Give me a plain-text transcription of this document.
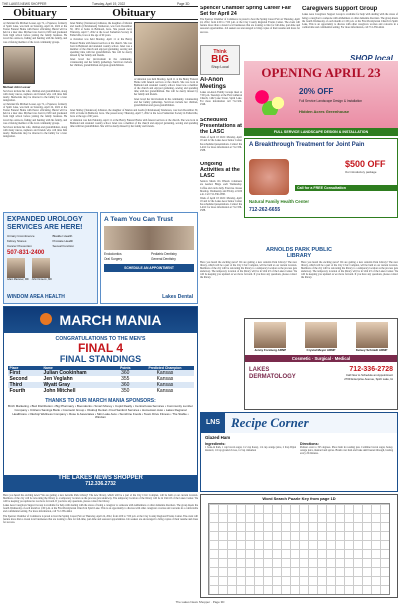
THE LAKES NEWS SHOPPER	Tuesday, April 19, 2022	Page 3D
Obituary

A Christian life Michael Lesser, age 72, of Spencer, formerly of Spirit Lake, was held on Saturday, April 22, 2022 at the Turner Funeral Home with Pastor officiating. Burial will be held at a later date. Michael was born in 1950 and graduated from high school before joining the family business. He loved the outdoors, fishing and hunting with his family, and was a lifelong member of the local community groups.

Michael John Lesser

Survivors include his wife, children and grandchildren, along with many nieces, nephews and friends who will miss him dearly. Memorials may be directed to the family for a later designation.

A Christian life Michael Lesser, age 72, of Spencer, formerly of Spirit Lake, was held on Saturday, April 22, 2022 at the Turner Funeral Home with Pastor officiating. Burial will be held at a later date. Michael was born in 1950 and graduated from high school before joining the family business. He loved the outdoors, fishing and hunting with his family, and was a lifelong member of the local community groups.

Survivors include his wife, children and grandchildren, along with many nieces, nephews and friends who will miss him dearly. Memorials may be directed to the family for a later designation.

Obituary

Janet Shirley (Tenderson) Johnston, the daughter of Marian and Luella (Christiansen) Tenderson, was born December 30, 1931 at home in Belmond, Iowa. She passed away Thursday, April 7, 2022 at the Good Samaritan Society in Estherville, Iowa at the age of 90 years.

A visitation was held Monday, April 11 at the Henry Funeral Home with funeral services at the church. She was born in Belmond and attended country school. Janet was a member of the church and enjoyed gardening, sewing and spending time with her grandchildren. She will be dearly missed by her family and friends.

Janet loved her involvement in the community, volunteering and her family gatherings. Survivors include her children, grandchildren and great-grandchildren.

A visitation was held Monday, April 11 at the Henry Funeral Home with funeral services at the church. She was born in Belmond and attended country school. Janet was a member of the church and enjoyed gardening, sewing and spending time with her grandchildren. She will be dearly missed by her family and friends.

Janet loved her involvement in the community, volunteering and her family gatherings. Survivors include her children, grandchildren and great-grandchildren.

Janet Shirley (Tenderson) Johnston, the daughter of Marian and Luella (Christiansen) Tenderson, was born December 30, 1931 at home in Belmond, Iowa. She passed away Thursday, April 7, 2022 at the Good Samaritan Society in Estherville, Iowa at the age of 90 years.

A visitation was held Monday, April 11 at the Henry Funeral Home with funeral services at the church. She was born in Belmond and attended country school. Janet was a member of the church and enjoyed gardening, sewing and spending time with her grandchildren. She will be dearly missed by her family and friends.

Spencer Chamber Spring Career Fair Set for April 24

The Spencer Chamber of Commerce is proud to host the Spring Career Fair on Thursday, April 24, 2022, from 4:00 to 7:00 p.m. at the Clay County Regional Events Center. The event will feature more than a dozen local businesses that are looking to hire for full-time, part-time and seasonal opportunities. Job seekers are encouraged to bring copies of their resume and dress for success.

Caregivers Support Group

Lakes Area Caregivers Support Group is available for help with dealing with the stress of being a caregiver to someone with Alzheimers or other dementia disorders. The group meets the fourth Wednesday of each month at 1:00 p.m. at the First Presbyterian Church in Spirit Lake. This is an opportunity to discuss with other caregivers worries and concerns in a comfortable and confidential setting. For more information, call 712-336-4444.

Think
BIG
Shop Local
Al-Anon Meetings

Lakes Al-Anon Family Groups meet at 7:00 p.m. Tuesdays at the First Lutheran Church, 1402 Lake Street, Spirit Lake. For more information call 712-320-2346.

Scheduled Presentations at the LASC

Week of April 18 2022: Monday, April 18 and 22 the Lakes Area Senior Center has scheduled presentations. Contact the LASC for more information at 712-336-2588.

Ongoing Activities at the LASC

Seniors Meals On Wheels volunteers are needed. Bingo each Wednesday. Coffee and cards daily. Exercise classes Monday, Wednesday and Friday at 9:00 a.m. Call 712-336-2588.

Week of April 18 2022: Monday, April 18 and 22 the Lakes Area Senior Center has scheduled presentations. Contact the LASC for more information at 712-336-2588.

SHOP local
OPENING APRIL 23
20% OFF
Full Service Landscape Design & Installation
Hidden Acres Greenhouse
FULL SERVICE LANDSCAPE DESIGN & INSTALLATION
A Breakthrough Treatment for Joint Pain
$500 OFF
Our introductory package
Call for a FREE Consultation
Natural Family Health Center
712-262-6655
EXPANDED UROLOGY SERVICES ARE HERE!
Urinary Incontinence	Bladder Health
Kidney Stones	Prostate Health
Cancer Prevention	Sexual Function
507-831-2400
Adam Mazanec, MD John Kinwurm, MD
WINDOM AREA HEALTH
A Team You Can Trust
Endodontics	Pediatric Dentistry
Oral Surgery	General Dentistry
SCHEDULE AN APPOINTMENT
Lakes Dental
ARNOLDS PARK PUBLIC LIBRARY

Have you heard the exciting news? We are getting a new Arnolds Park Library! The new library, which will be a part of the City Civic Complex, will be built at our current location. Members of the city will be relocating the library to a temporary location as the process gets underway. The temporary location of the library will be in Unit #3 of the Lakes Center. We will be keeping you updated as we move forward. If you have any questions, please contact the library.

Have you heard the exciting news? We are getting a new Arnolds Park Library! The new library, which will be a part of the City Civic Complex, will be built at our current location. Members of the city will be relocating the library to a temporary location as the process gets underway. The temporary location of the library will be in Unit #3 of the Lakes Center. We will be keeping you updated as we move forward. If you have any questions, please contact the library.

Jenny Forsberg ARNP	Crystal Meyer ARNP	Kelsey Schmidt ARNP
Cosmetic · Surgical · Medical
LAKES DERMATOLOGY
712-336-2728
Call Now to Schedule an Appointment
2709 Enterprise Avenue, Spirit Lake, IA
MARCH MANIA
CONGRATULATIONS TO THE MEN'S
FINAL 4
FINAL STANDINGS
Place	Name	Points	Predicted Champion
First	Julian Cookinham	360	Kansas
Second	Jen Veglahn	355	Kansas
Third	Wyatt Gray	360	Kansas
Fourth	John Mitchell	350	Kansas
THANKS TO OUR MARCH MANIA SPONSORS:
Birch Marketing • Bud Distribution • Big Pharmacy • Boondocks • Smart Money • Cupid Realty • Central Iowa Services • Community Lumber Company • Citizens Savings Bank • Cosmetic Group • Okoboji Dental • Fred Sanford Services • Hometown Auto • Lakes Regional Healthcare • Okoboji Wellness Company • Rose & Associates • Skin Lake Auto • Sunshine Foods • Team Drive Fitness • The Stable • Windom
THE LAKES NEWS SHOPPER
712.336.2732
LNS Recipe Corner
Glazed Ham
Ingredients:
1 bone-in ham, 1 cup brown sugar, 1/2 cup honey, 1/4 cup orange juice, 2 tbsp Dijon mustard, 1/2 tsp ground cloves, 1/2 tsp cinnamon
Directions:
Preheat oven to 325 degrees. Place ham in roasting pan. Combine brown sugar, honey, orange juice, mustard and spices. Brush over ham and bake until heated through, basting every 20 minutes.
Word Search Puzzle Key from page 1D

Have you heard the exciting news? We are getting a new Arnolds Park Library! The new library, which will be a part of the City Civic Complex, will be built at our current location. Members of the city will be relocating the library to a temporary location as the process gets underway. The temporary location of the library will be in Unit #3 of the Lakes Center. We will be keeping you updated as we move forward. If you have any questions, please contact the library.

Lakes Area Caregivers Support Group is available for help with dealing with the stress of being a caregiver to someone with Alzheimers or other dementia disorders. The group meets the fourth Wednesday of each month at 1:00 p.m. at the First Presbyterian Church in Spirit Lake. This is an opportunity to discuss with other caregivers worries and concerns in a comfortable and confidential setting. For more information, call 712-336-4444.

The Spencer Chamber of Commerce is proud to host the Spring Career Fair on Thursday, April 24, 2022, from 4:00 to 7:00 p.m. at the Clay County Regional Events Center. The event will feature more than a dozen local businesses that are looking to hire for full-time, part-time and seasonal opportunities. Job seekers are encouraged to bring copies of their resume and dress for success.

The Lakes News Shopper · Page 3D
